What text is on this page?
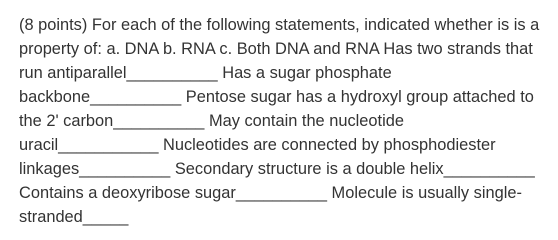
(8 points) For each of the following statements, indicated whether is is a property of: a. DNA b. RNA c. Both DNA and RNA Has two strands that run antiparallel__________ Has a sugar phosphate backbone__________ Pentose sugar has a hydroxyl group attached to the 2' carbon__________ May contain the nucleotide uracil___________ Nucleotides are connected by phosphodiester linkages__________ Secondary structure is a double helix__________ Contains a deoxyribose sugar__________ Molecule is usually single-stranded_____
